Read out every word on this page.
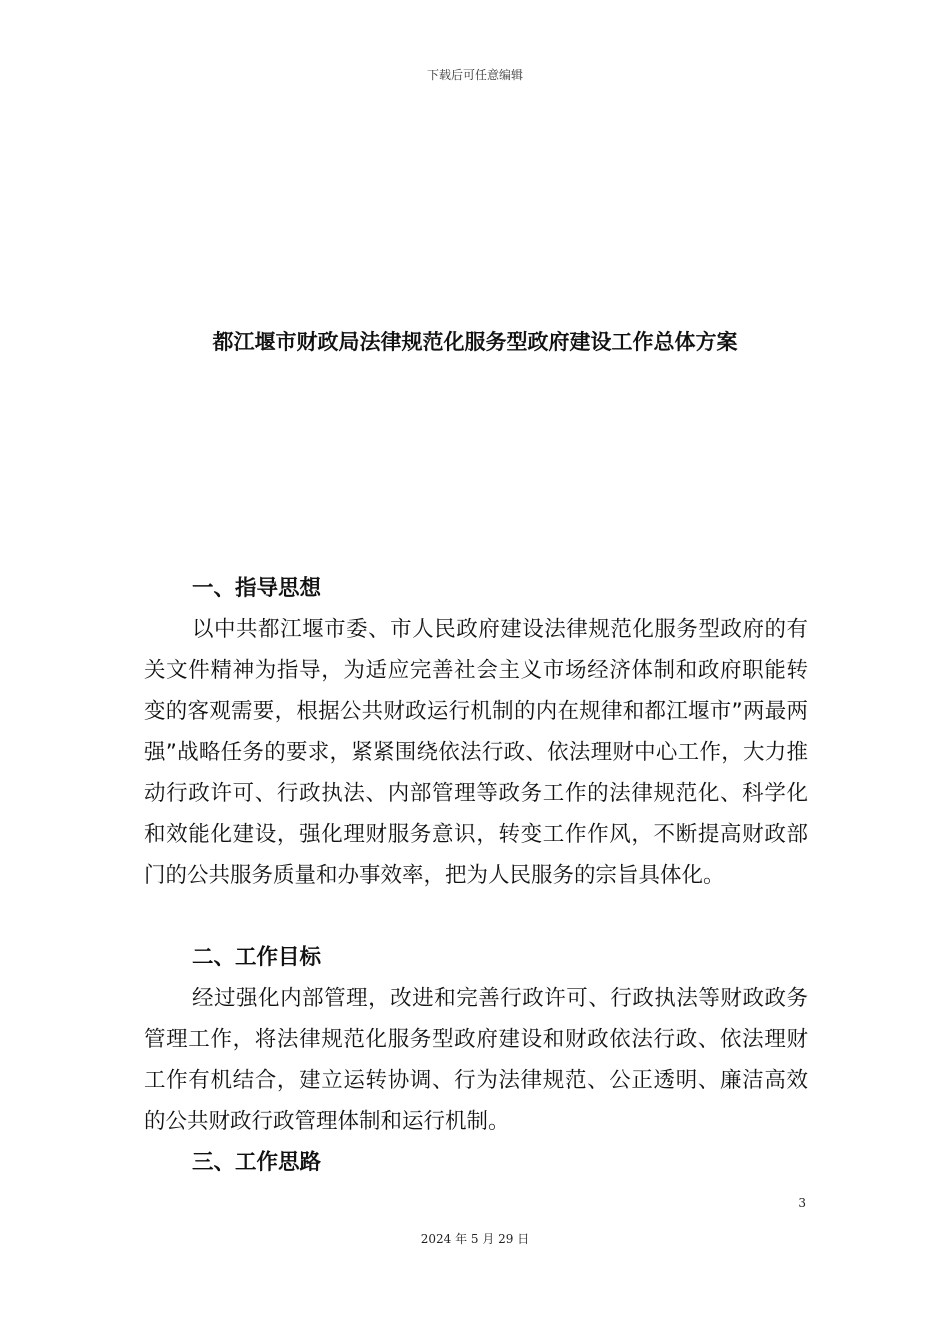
下载后可任意编辑
都江堰市财政局法律规范化服务型政府建设工作总体方案
一、指导思想

以中共都江堰市委、市人民政府建设法律规范化服务型政府的有关文件精神为指导，为适应完善社会主义市场经济体制和政府职能转变的客观需要，根据公共财政运行机制的内在规律和都江堰市”两最两强”战略任务的要求，紧紧围绕依法行政、依法理财中心工作，大力推动行政许可、行政执法、内部管理等政务工作的法律规范化、科学化和效能化建设，强化理财服务意识，转变工作作风，不断提高财政部门的公共服务质量和办事效率，把为人民服务的宗旨具体化。

二、工作目标

经过强化内部管理，改进和完善行政许可、行政执法等财政政务管理工作，将法律规范化服务型政府建设和财政依法行政、依法理财工作有机结合，建立运转协调、行为法律规范、公正透明、廉洁高效的公共财政行政管理体制和运行机制。

三、工作思路
3
2024 年 5 月 29 日
